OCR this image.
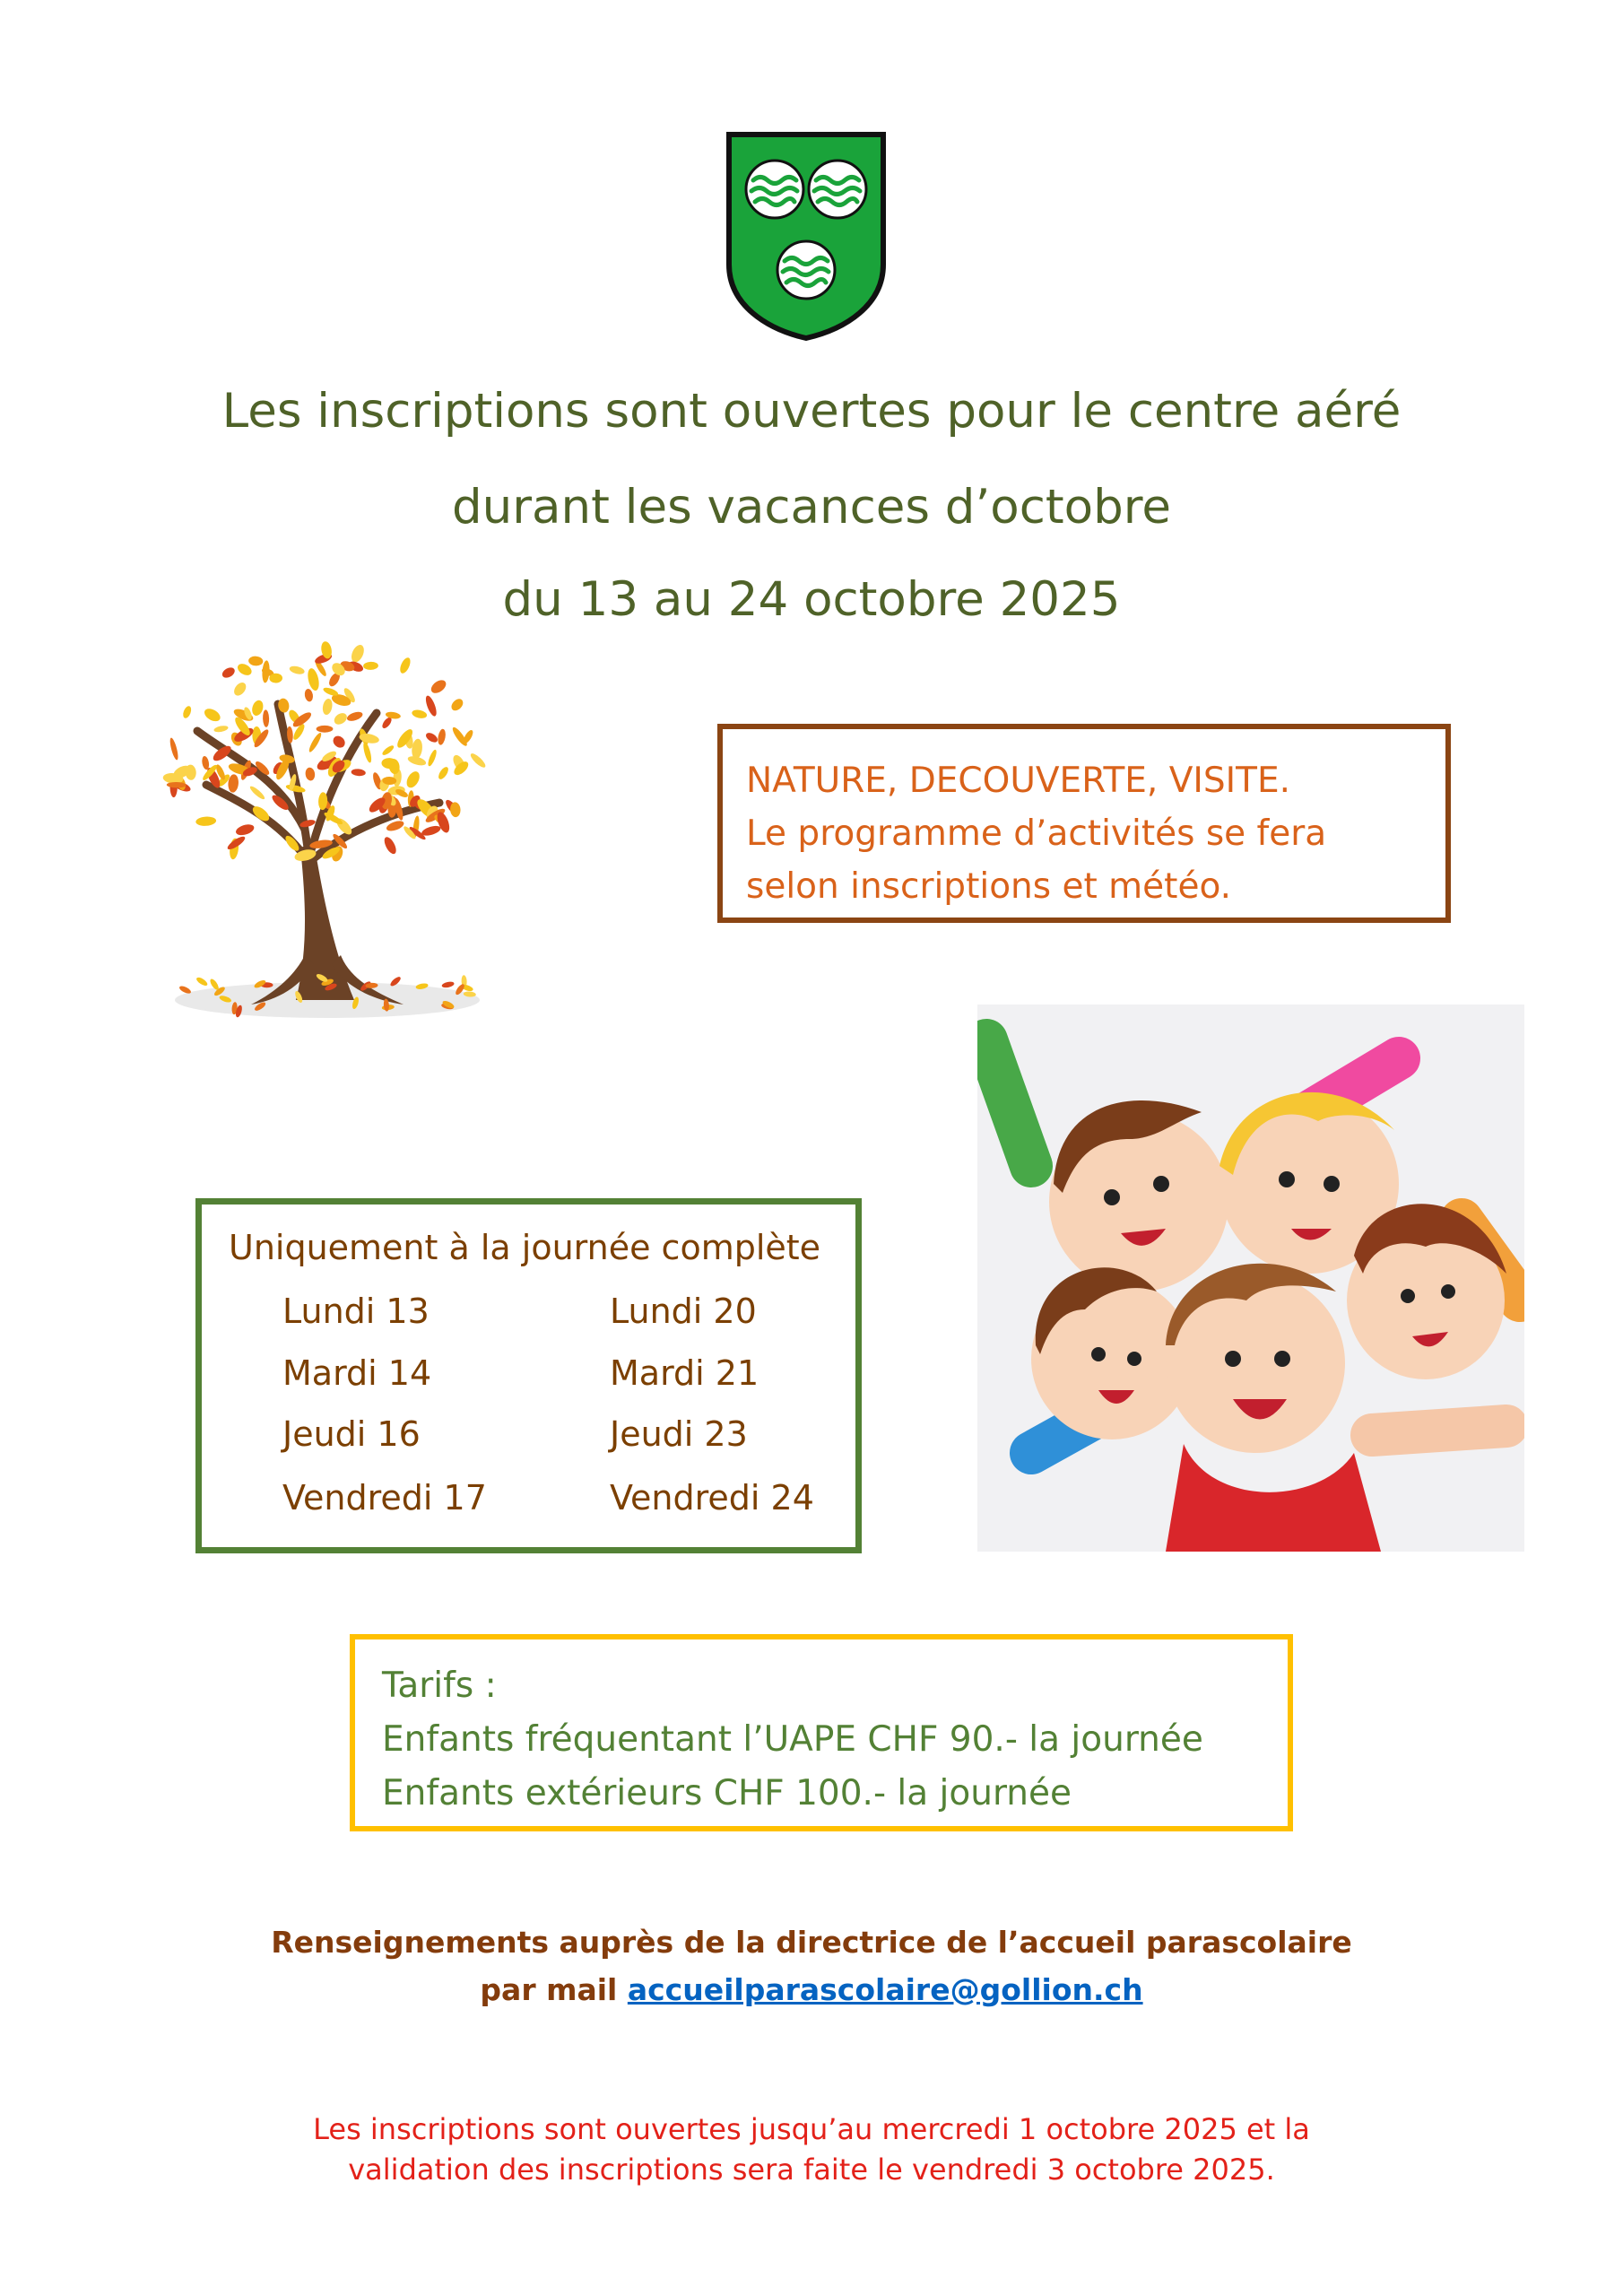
Les inscriptions sont ouvertes pour le centre aéré
durant les vacances d’octobre
du 13 au 24 octobre 2025
NATURE, DECOUVERTE, VISITE.
Le programme d’activités se fera
selon inscriptions et météo.
Uniquement à la journée complète
Lundi 13
Mardi 14
Jeudi 16
Vendredi 17
Lundi 20
Mardi 21
Jeudi 23
Vendredi 24
Tarifs :
Enfants fréquentant l’UAPE CHF 90.- la journée
Enfants extérieurs CHF 100.- la journée
Renseignements auprès de la directrice de l’accueil parascolaire
par mail accueilparascolaire@gollion.ch
Les inscriptions sont ouvertes jusqu’au mercredi 1 octobre 2025 et la
validation des inscriptions sera faite le vendredi 3 octobre 2025.
